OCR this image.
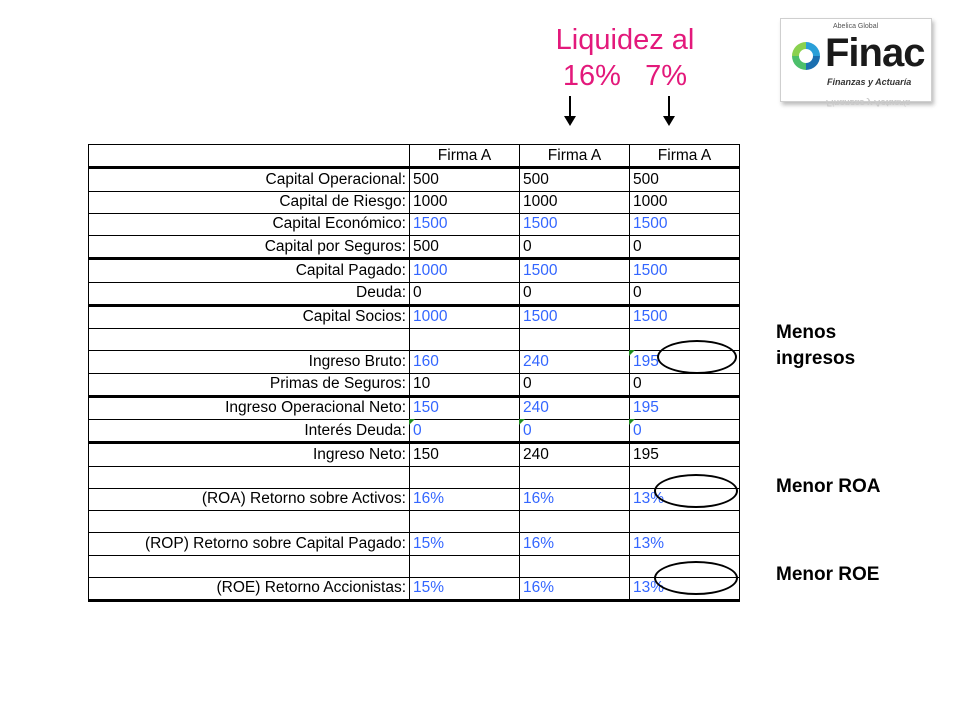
Liquidez al
16%   7%
Abelica Global
Finac
Finanzas y Actuaría
Finanzas y Actuaría
	Firma A	Firma A	Firma A
Capital Operacional:	500	500	500
Capital de Riesgo:	1000	1000	1000
Capital Económico:	1500	1500	1500
Capital por Seguros:	500	0	0
Capital Pagado:	1000	1500	1500
Deuda:	0	0	0
Capital Socios:	1000	1500	1500

Ingreso Bruto:	160	240	195
Primas de Seguros:	10	0	0
Ingreso Operacional Neto:	150	240	195
Interés Deuda:	0	0	0
Ingreso Neto:	150	240	195

(ROA) Retorno sobre Activos:	16%	16%	13%

(ROP) Retorno sobre Capital Pagado:	15%	16%	13%

(ROE) Retorno Accionistas:	15%	16%	13%
Menos
ingresos
Menor ROA
Menor ROE
